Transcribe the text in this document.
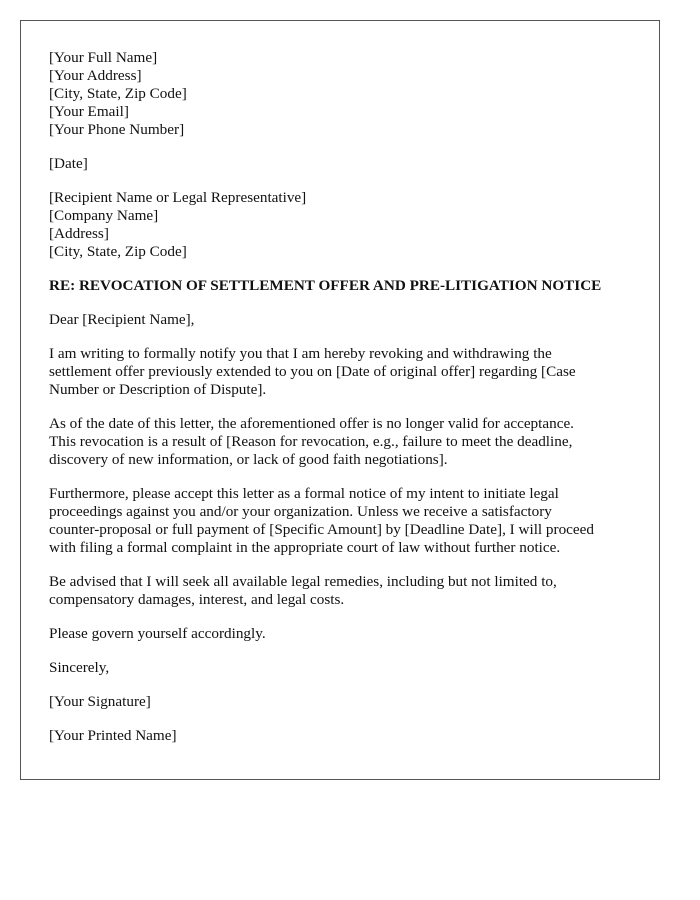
[Your Full Name]
[Your Address]
[City, State, Zip Code]
[Your Email]
[Your Phone Number]
[Date]
[Recipient Name or Legal Representative]
[Company Name]
[Address]
[City, State, Zip Code]
RE: REVOCATION OF SETTLEMENT OFFER AND PRE-LITIGATION NOTICE

Dear [Recipient Name],

I am writing to formally notify you that I am hereby revoking and withdrawing the
settlement offer previously extended to you on [Date of original offer] regarding [Case
Number or Description of Dispute].

As of the date of this letter, the aforementioned offer is no longer valid for acceptance.
This revocation is a result of [Reason for revocation, e.g., failure to meet the deadline,
discovery of new information, or lack of good faith negotiations].

Furthermore, please accept this letter as a formal notice of my intent to initiate legal
proceedings against you and/or your organization. Unless we receive a satisfactory
counter-proposal or full payment of [Specific Amount] by [Deadline Date], I will proceed
with filing a formal complaint in the appropriate court of law without further notice.

Be advised that I will seek all available legal remedies, including but not limited to,
compensatory damages, interest, and legal costs.

Please govern yourself accordingly.

Sincerely,

[Your Signature]

[Your Printed Name]
